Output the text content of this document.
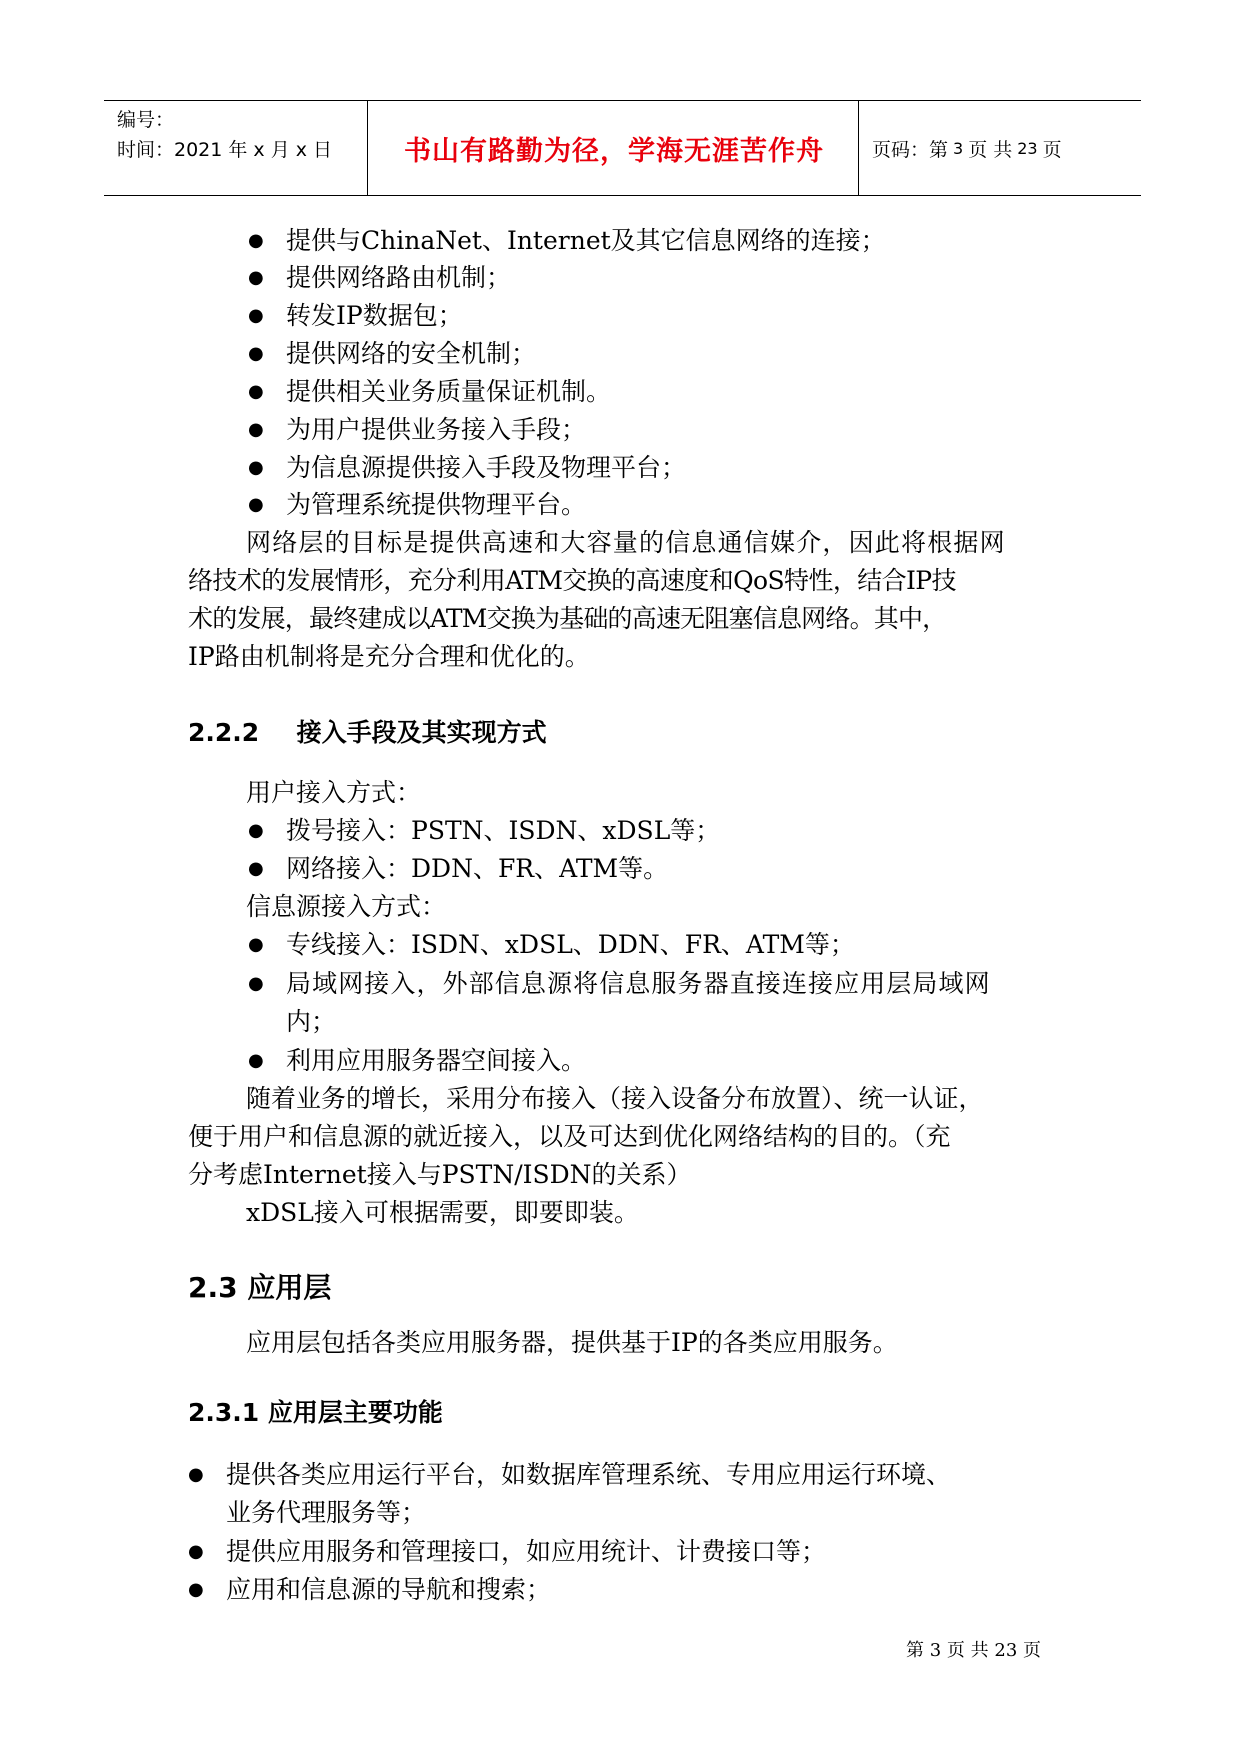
编号：
时间：2021 年 x 月 x 日	书山有路勤为径，学海无涯苦作舟	页码：第 3 页 共 23 页
● 提供与ChinaNet、Internet及其它信息网络的连接；
● 提供网络路由机制；
● 转发IP数据包；
● 提供网络的安全机制；
● 提供相关业务质量保证机制。
● 为用户提供业务接入手段；
● 为信息源提供接入手段及物理平台；
● 为管理系统提供物理平台。
网络层的目标是提供高速和大容量的信息通信媒介，因此将根据网
络技术的发展情形，充分利用ATM交换的高速度和QoS特性，结合IP技
术的发展，最终建成以ATM交换为基础的高速无阻塞信息网络。其中，
IP路由机制将是充分合理和优化的。
2.2.2 接入手段及其实现方式
用户接入方式：
● 拨号接入：PSTN、ISDN、xDSL等；
● 网络接入：DDN、FR、ATM等。
信息源接入方式：
● 专线接入：ISDN、xDSL、DDN、FR、ATM等；
● 局域网接入，外部信息源将信息服务器直接连接应用层局域网
内；
● 利用应用服务器空间接入。
随着业务的增长，采用分布接入（接入设备分布放置）、统一认证，
便于用户和信息源的就近接入，以及可达到优化网络结构的目的。（充
分考虑Internet接入与PSTN/ISDN的关系）
xDSL接入可根据需要，即要即装。
2.3 应用层
应用层包括各类应用服务器，提供基于IP的各类应用服务。
2.3.1 应用层主要功能
● 提供各类应用运行平台，如数据库管理系统、专用应用运行环境、
业务代理服务等；
● 提供应用服务和管理接口，如应用统计、计费接口等；
● 应用和信息源的导航和搜索；
第 3 页 共 23 页
